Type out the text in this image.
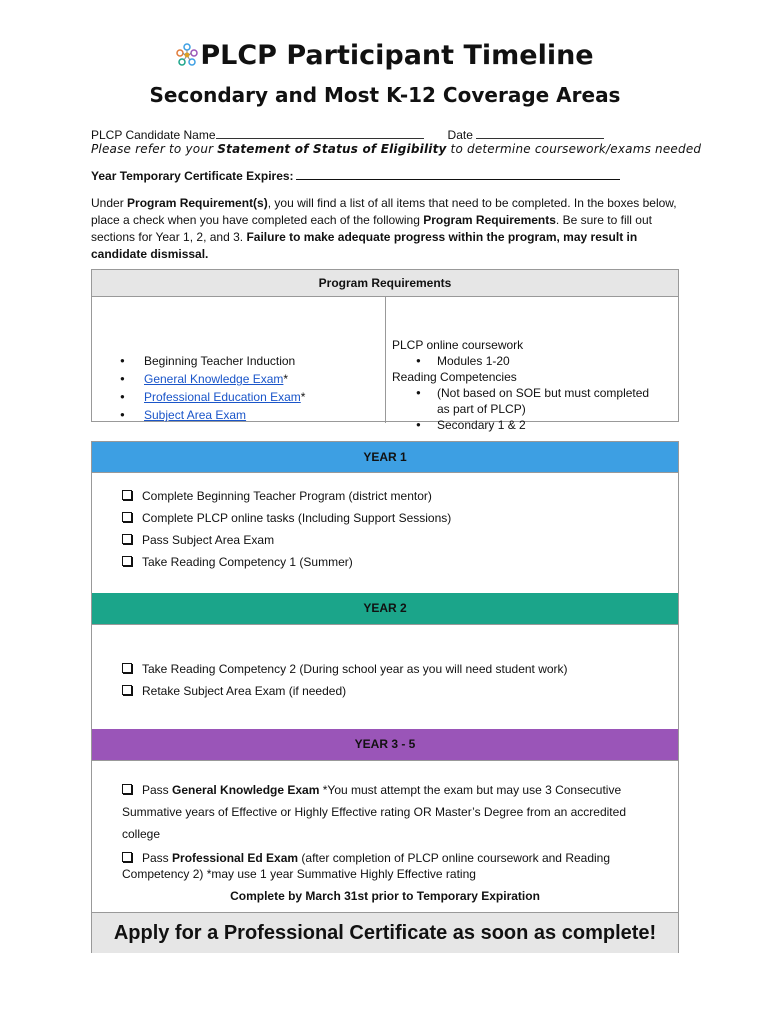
PLCP Participant Timeline
Secondary and Most K-12 Coverage Areas
PLCP Candidate Name	Date
Please refer to your Statement of Status of Eligibility to determine coursework/exams needed
Year Temporary Certificate Expires:
Under Program Requirement(s), you will find a list of all items that need to be completed. In the boxes below, place a check when you have completed each of the following Program Requirements. Be sure to fill out sections for Year 1, 2, and 3. Failure to make adequate progress within the program, may result in candidate dismissal.
Program Requirements
● Beginning Teacher Induction
● General Knowledge Exam*
● Professional Education Exam*
● Subject Area Exam
PLCP online coursework
● Modules 1-20
Reading Competencies
● (Not based on SOE but must completed
as part of PLCP)
● Secondary 1 & 2
YEAR 1
Complete Beginning Teacher Program (district mentor)
Complete PLCP online tasks (Including Support Sessions)
Pass Subject Area Exam
Take Reading Competency 1 (Summer)
YEAR 2
Take Reading Competency 2 (During school year as you will need student work)
Retake Subject Area Exam (if needed)
YEAR 3 - 5
Pass General Knowledge Exam *You must attempt the exam but may use 3 Consecutive Summative years of Effective or Highly Effective rating OR Master’s Degree from an accredited college
Pass Professional Ed Exam (after completion of PLCP online coursework and Reading Competency 2) *may use 1 year Summative Highly Effective rating
Complete by March 31st prior to Temporary Expiration
Apply for a Professional Certificate as soon as complete!
